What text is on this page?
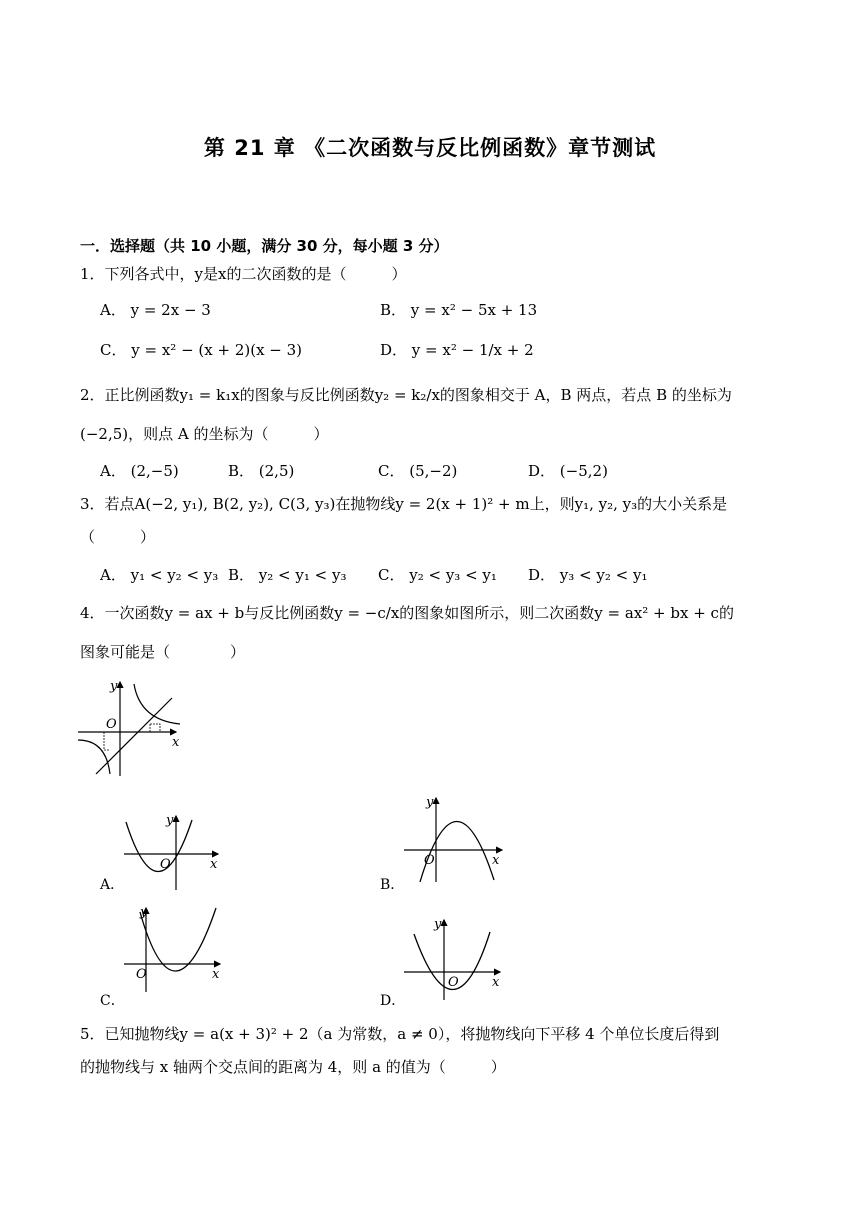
第 21 章 《二次函数与反比例函数》章节测试
一．选择题（共 10 小题，满分 30 分，每小题 3 分）
1．下列各式中，y是x的二次函数的是（　　　）
A． y = 2x − 3	B． y = x² − 5x + 13
C． y = x² − (x + 2)(x − 3)	D． y = x² − 1/x + 2
2．正比例函数y₁ = k₁x的图象与反比例函数y₂ = k₂/x的图象相交于 A，B 两点，若点 B 的坐标为
(−2,5)，则点 A 的坐标为（　　　）
A． (2,−5)	B． (2,5)	C． (5,−2)	D． (−5,2)
3．若点A(−2, y₁), B(2, y₂), C(3, y₃)在抛物线y = 2(x + 1)² + m上，则y₁, y₂, y₃的大小关系是
（　　　）
A． y₁ < y₂ < y₃ B． y₂ < y₁ < y₃ C． y₂ < y₃ < y₁ D． y₃ < y₂ < y₁
4．一次函数y = ax + b与反比例函数y = −c/x的图象如图所示，则二次函数y = ax² + bx + c的
图象可能是（　　　　）
O
x
y
O	x
y
A．
O	x
y
B．
O	x
y
C．
O	x
y
D．
5．已知抛物线y = a(x + 3)² + 2（a 为常数，a ≠ 0），将抛物线向下平移 4 个单位长度后得到
的抛物线与 x 轴两个交点间的距离为 4，则 a 的值为（　　　）
